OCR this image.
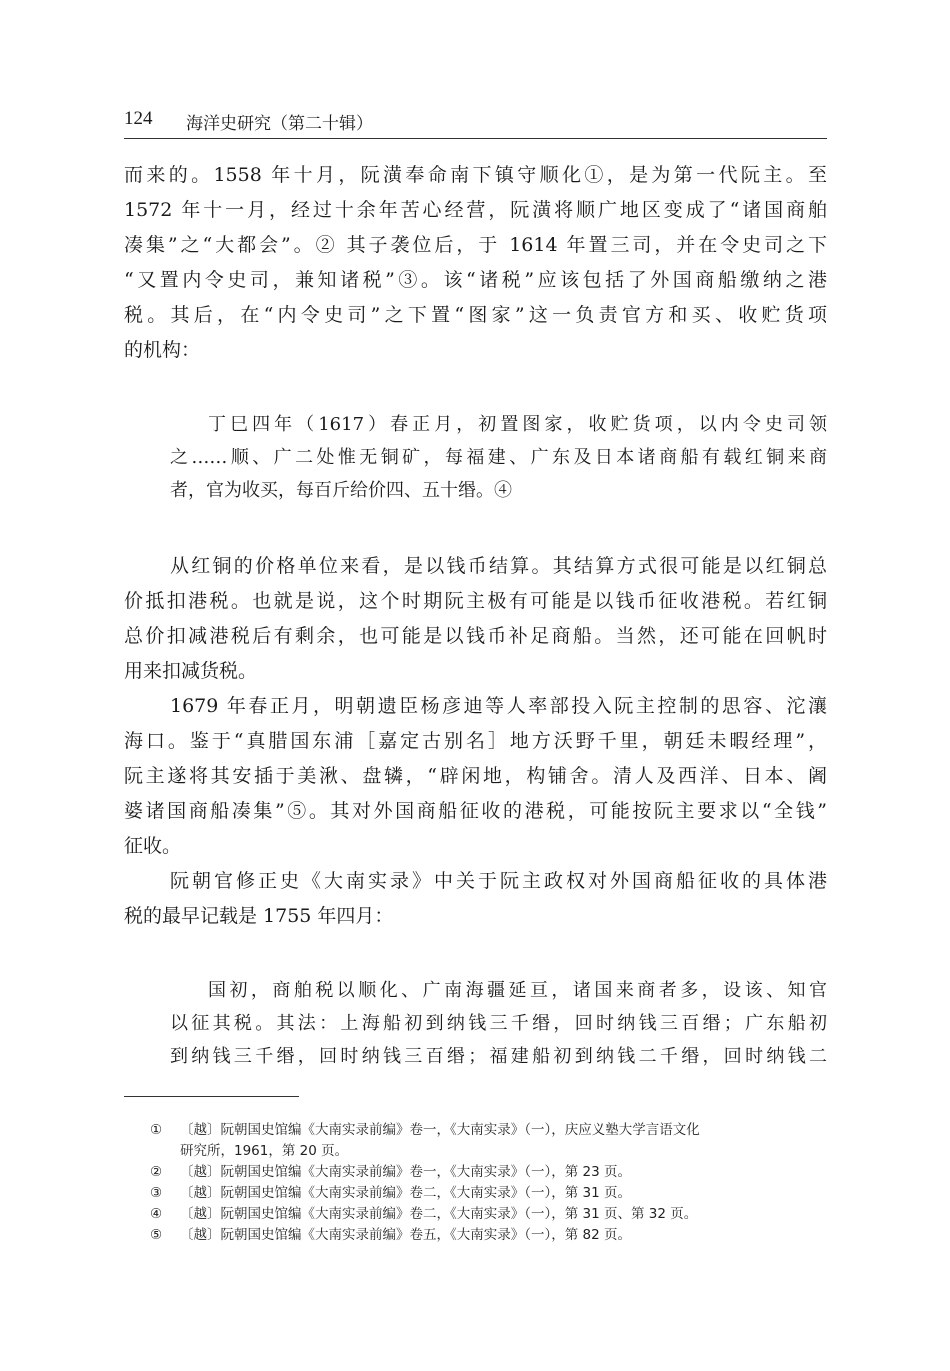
124 海洋史研究（第二十辑）
而来的。1558 年十月，阮潢奉命南下镇守顺化①，是为第一代阮主。至
1572 年十一月，经过十余年苦心经营，阮潢将顺广地区变成了“诸国商舶
凑集”之“大都会”。② 其子袭位后，于 1614 年置三司，并在令史司之下
“又置内令史司，兼知诸税”③。该“诸税”应该包括了外国商船缴纳之港
税。其后，在“内令史司”之下置“图家”这一负责官方和买、收贮货项
的机构：
丁巳四年（1617）春正月，初置图家，收贮货项，以内令史司领
之……顺、广二处惟无铜矿，每福建、广东及日本诸商船有载红铜来商
者，官为收买，每百斤给价四、五十缗。④
从红铜的价格单位来看，是以钱币结算。其结算方式很可能是以红铜总
价抵扣港税。也就是说，这个时期阮主极有可能是以钱币征收港税。若红铜
总价扣减港税后有剩余，也可能是以钱币补足商船。当然，还可能在回帆时
用来扣减货税。
1679 年春正月，明朝遗臣杨彦迪等人率部投入阮主控制的思容、沱瀼
海口。鉴于“真腊国东浦［嘉定古别名］地方沃野千里，朝廷未暇经理”，
阮主遂将其安插于美湫、盘辚，“辟闲地，构铺舍。清人及西洋、日本、阇
婆诸国商船凑集”⑤。其对外国商船征收的港税，可能按阮主要求以“全钱”
征收。
阮朝官修正史《大南实录》中关于阮主政权对外国商船征收的具体港
税的最早记载是 1755 年四月：
国初，商舶税以顺化、广南海疆延亘，诸国来商者多，设该、知官
以征其税。其法：上海船初到纳钱三千缗，回时纳钱三百缗；广东船初
到纳钱三千缗，回时纳钱三百缗；福建船初到纳钱二千缗，回时纳钱二
① 〔越〕阮朝国史馆编《大南实录前编》卷一，《大南实录》（一），庆应义塾大学言语文化
研究所，1961，第 20 页。
② 〔越〕阮朝国史馆编《大南实录前编》卷一，《大南实录》（一），第 23 页。
③ 〔越〕阮朝国史馆编《大南实录前编》卷二，《大南实录》（一），第 31 页。
④ 〔越〕阮朝国史馆编《大南实录前编》卷二，《大南实录》（一），第 31 页、第 32 页。
⑤ 〔越〕阮朝国史馆编《大南实录前编》卷五，《大南实录》（一），第 82 页。
